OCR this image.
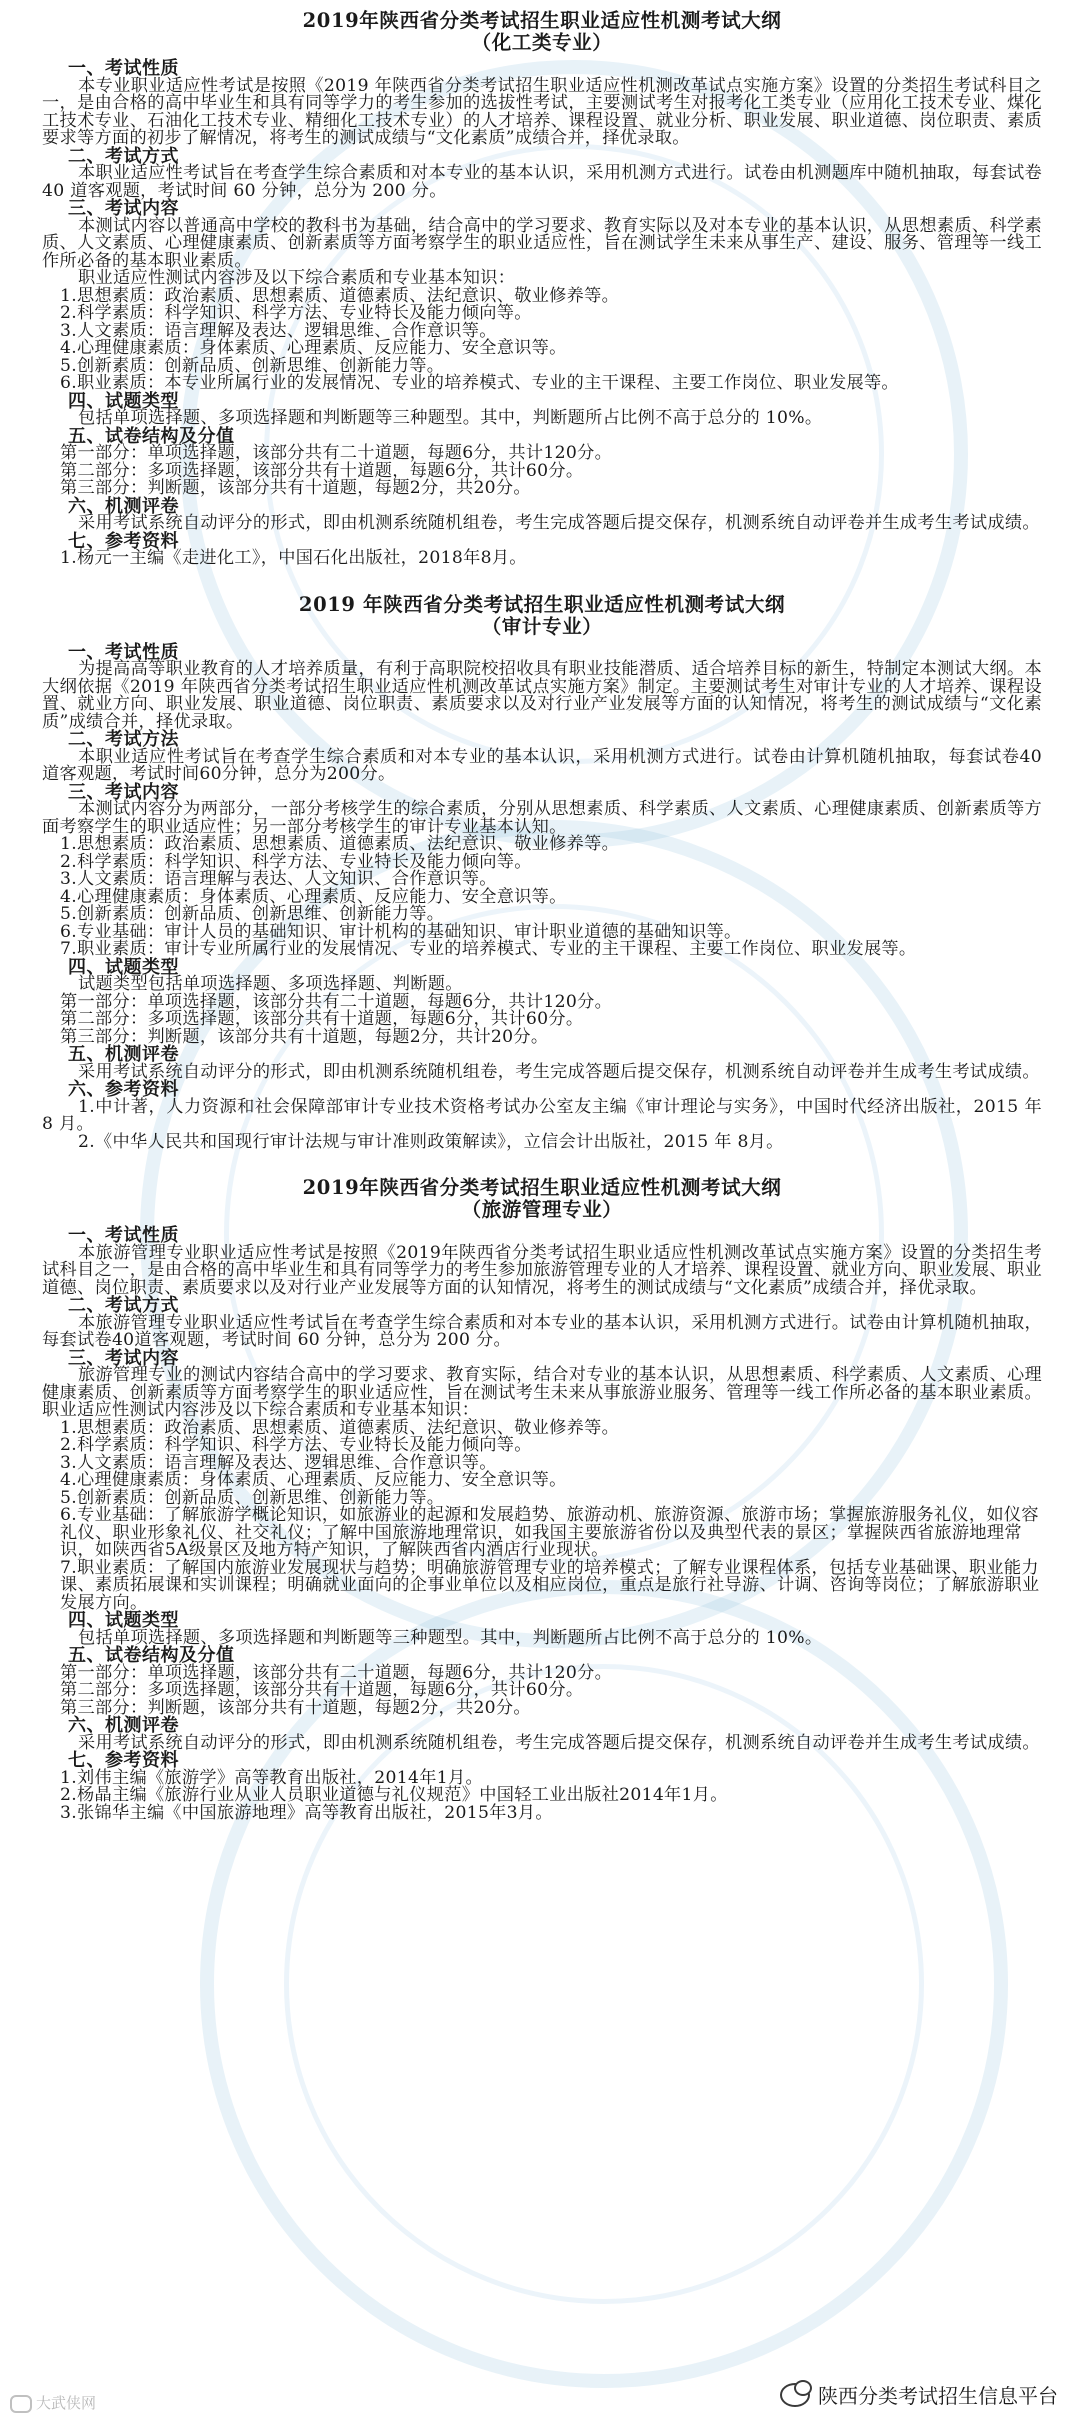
2019年陕西省分类考试招生职业适应性机测考试大纲
（化工类专业）
一、考试性质
本专业职业适应性考试是按照《2019 年陕西省分类考试招生职业适应性机测改革试点实施方案》设置的分类招生考试科目之一，是由合格的高中毕业生和具有同等学力的考生参加的选拔性考试，主要测试考生对报考化工类专业（应用化工技术专业、煤化工技术专业、石油化工技术专业、精细化工技术专业）的人才培养、课程设置、就业分析、职业发展、职业道德、岗位职责、素质要求等方面的初步了解情况，将考生的测试成绩与“文化素质”成绩合并，择优录取。
二、考试方式
本职业适应性考试旨在考查学生综合素质和对本专业的基本认识，采用机测方式进行。试卷由机测题库中随机抽取，每套试卷 40 道客观题，考试时间 60 分钟，总分为 200 分。
三、考试内容
本测试内容以普通高中学校的教科书为基础，结合高中的学习要求、教育实际以及对本专业的基本认识，从思想素质、科学素质、人文素质、心理健康素质、创新素质等方面考察学生的职业适应性，旨在测试学生未来从事生产、建设、服务、管理等一线工作所必备的基本职业素质。
职业适应性测试内容涉及以下综合素质和专业基本知识：
1.思想素质：政治素质、思想素质、道德素质、法纪意识、敬业修养等。
2.科学素质：科学知识、科学方法、专业特长及能力倾向等。
3.人文素质：语言理解及表达、逻辑思维、合作意识等。
4.心理健康素质：身体素质、心理素质、反应能力、安全意识等。
5.创新素质：创新品质、创新思维、创新能力等。
6.职业素质：本专业所属行业的发展情况、专业的培养模式、专业的主干课程、主要工作岗位、职业发展等。
四、试题类型
包括单项选择题、多项选择题和判断题等三种题型。其中，判断题所占比例不高于总分的 10%。
五、试卷结构及分值
第一部分：单项选择题，该部分共有二十道题，每题6分，共计120分。
第二部分：多项选择题，该部分共有十道题，每题6分，共计60分。
第三部分：判断题，该部分共有十道题，每题2分，共20分。
六、机测评卷
采用考试系统自动评分的形式，即由机测系统随机组卷，考生完成答题后提交保存，机测系统自动评卷并生成考生考试成绩。
七、参考资料
1.杨元一主编《走进化工》，中国石化出版社，2018年8月。
2019 年陕西省分类考试招生职业适应性机测考试大纲
（审计专业）
一、考试性质
为提高高等职业教育的人才培养质量，有利于高职院校招收具有职业技能潜质、适合培养目标的新生，特制定本测试大纲。本大纲依据《2019 年陕西省分类考试招生职业适应性机测改革试点实施方案》制定。主要测试考生对审计专业的人才培养、课程设置、就业方向、职业发展、职业道德、岗位职责、素质要求以及对行业产业发展等方面的认知情况，将考生的测试成绩与“文化素质”成绩合并，择优录取。
二、考试方法
本职业适应性考试旨在考查学生综合素质和对本专业的基本认识，采用机测方式进行。试卷由计算机随机抽取，每套试卷40道客观题，考试时间60分钟，总分为200分。
三、考试内容
本测试内容分为两部分，一部分考核学生的综合素质，分别从思想素质、科学素质、人文素质、心理健康素质、创新素质等方面考察学生的职业适应性；另一部分考核学生的审计专业基本认知。
1.思想素质：政治素质、思想素质、道德素质、法纪意识、敬业修养等。
2.科学素质：科学知识、科学方法、专业特长及能力倾向等。
3.人文素质：语言理解与表达、人文知识、合作意识等。
4.心理健康素质：身体素质、心理素质、反应能力、安全意识等。
5.创新素质：创新品质、创新思维、创新能力等。
6.专业基础：审计人员的基础知识、审计机构的基础知识、审计职业道德的基础知识等。
7.职业素质：审计专业所属行业的发展情况、专业的培养模式、专业的主干课程、主要工作岗位、职业发展等。
四、试题类型
试题类型包括单项选择题、多项选择题、判断题。
第一部分：单项选择题，该部分共有二十道题，每题6分，共计120分。
第二部分：多项选择题，该部分共有十道题，每题6分，共计60分。
第三部分：判断题，该部分共有十道题，每题2分，共计20分。
五、机测评卷
采用考试系统自动评分的形式，即由机测系统随机组卷，考生完成答题后提交保存，机测系统自动评卷并生成考生考试成绩。
六、参考资料
1.中计著，人力资源和社会保障部审计专业技术资格考试办公室友主编《审计理论与实务》，中国时代经济出版社，2015 年 8 月。
2.《中华人民共和国现行审计法规与审计准则政策解读》，立信会计出版社，2015 年 8月。
2019年陕西省分类考试招生职业适应性机测考试大纲
（旅游管理专业）
一、考试性质
本旅游管理专业职业适应性考试是按照《2019年陕西省分类考试招生职业适应性机测改革试点实施方案》设置的分类招生考试科目之一，是由合格的高中毕业生和具有同等学力的考生参加旅游管理专业的人才培养、课程设置、就业方向、职业发展、职业道德、岗位职责、素质要求以及对行业产业发展等方面的认知情况，将考生的测试成绩与“文化素质”成绩合并，择优录取。
二、考试方式
本旅游管理专业职业适应性考试旨在考查学生综合素质和对本专业的基本认识，采用机测方式进行。试卷由计算机随机抽取，每套试卷40道客观题，考试时间 60 分钟，总分为 200 分。
三、考试内容
旅游管理专业的测试内容结合高中的学习要求、教育实际，结合对专业的基本认识，从思想素质、科学素质、人文素质、心理健康素质、创新素质等方面考察学生的职业适应性，旨在测试考生未来从事旅游业服务、管理等一线工作所必备的基本职业素质。职业适应性测试内容涉及以下综合素质和专业基本知识：
1.思想素质：政治素质、思想素质、道德素质、法纪意识、敬业修养等。
2.科学素质：科学知识、科学方法、专业特长及能力倾向等。
3.人文素质：语言理解及表达、逻辑思维、合作意识等。
4.心理健康素质：身体素质、心理素质、反应能力、安全意识等。
5.创新素质：创新品质、创新思维、创新能力等。
6.专业基础：了解旅游学概论知识，如旅游业的起源和发展趋势、旅游动机、旅游资源、旅游市场；掌握旅游服务礼仪，如仪容礼仪、职业形象礼仪、社交礼仪；了解中国旅游地理常识，如我国主要旅游省份以及典型代表的景区；掌握陕西省旅游地理常识，如陕西省5A级景区及地方特产知识，了解陕西省内酒店行业现状。
7.职业素质：了解国内旅游业发展现状与趋势；明确旅游管理专业的培养模式；了解专业课程体系，包括专业基础课、职业能力课、素质拓展课和实训课程；明确就业面向的企事业单位以及相应岗位，重点是旅行社导游、计调、咨询等岗位；了解旅游职业发展方向。
四、试题类型
包括单项选择题、多项选择题和判断题等三种题型。其中，判断题所占比例不高于总分的 10%。
五、试卷结构及分值
第一部分：单项选择题，该部分共有二十道题，每题6分，共计120分。
第二部分：多项选择题，该部分共有十道题，每题6分，共计60分。
第三部分：判断题，该部分共有十道题，每题2分，共20分。
六、机测评卷
采用考试系统自动评分的形式，即由机测系统随机组卷，考生完成答题后提交保存，机测系统自动评卷并生成考生考试成绩。
七、参考资料
1.刘伟主编《旅游学》高等教育出版社，2014年1月。
2.杨晶主编《旅游行业从业人员职业道德与礼仪规范》中国轻工业出版社2014年1月。
3.张锦华主编《中国旅游地理》高等教育出版社，2015年3月。
大武侠网	陕西分类考试招生信息平台
